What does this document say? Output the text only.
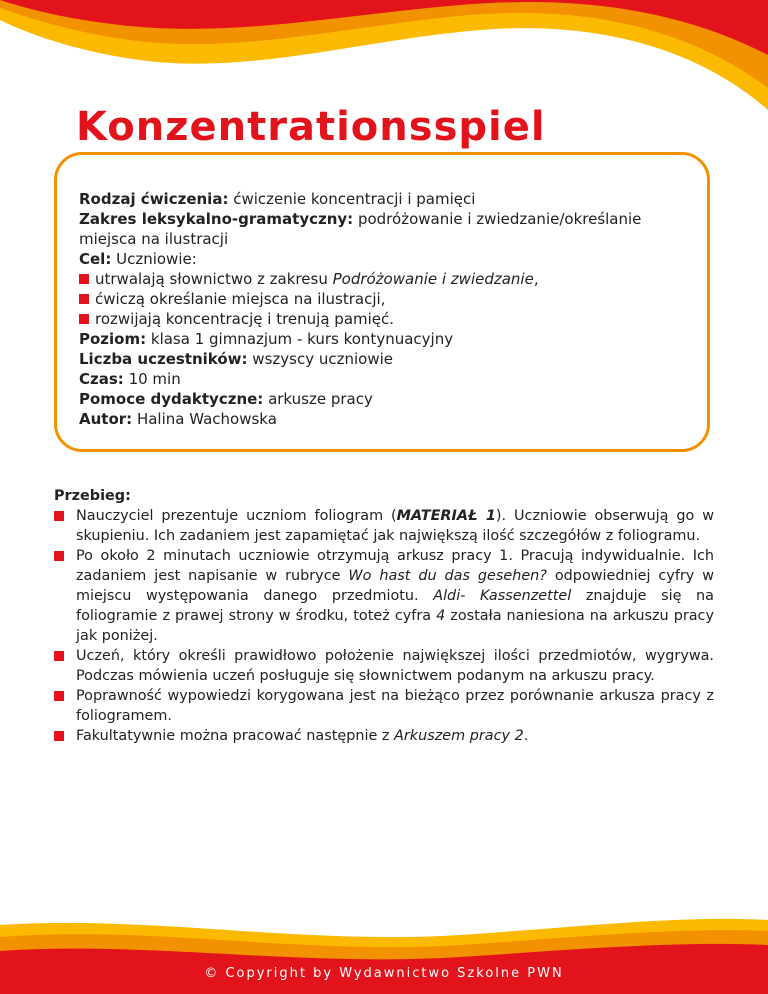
Konzentrationsspiel

Rodzaj ćwiczenia: ćwiczenie koncentracji i pamięci

Zakres leksykalno-gramatyczny: podróżowanie i zwiedzanie/określanie miejsca na ilustracji

Cel: Uczniowie:

utrwalają słownictwo z zakresu Podróżowanie i zwiedzanie,

ćwiczą określanie miejsca na ilustracji,

rozwijają koncentrację i trenują pamięć.

Poziom: klasa 1 gimnazjum - kurs kontynuacyjny

Liczba uczestników: wszyscy uczniowie

Czas: 10 min

Pomoce dydaktyczne: arkusze pracy

Autor: Halina Wachowska

Przebieg:

Nauczyciel prezentuje uczniom foliogram (MATERIAŁ 1). Uczniowie obserwują go w skupieniu. Ich zadaniem jest zapamiętać jak największą ilość szczegółów z foliogramu.
Po około 2 minutach uczniowie otrzymują arkusz pracy 1. Pracują indywidualnie. Ich zadaniem jest napisanie w rubryce Wo hast du das gesehen? odpowiedniej cyfry w miejscu występowania danego przedmiotu. Aldi- Kassenzettel znajduje się na foliogramie z prawej strony w środku, toteż cyfra 4 została naniesiona na arkuszu pracy jak poniżej.
Uczeń, który określi prawidłowo położenie największej ilości przedmiotów, wygrywa. Podczas mówienia uczeń posługuje się słownictwem podanym na arkuszu pracy.
Poprawność wypowiedzi korygowana jest na bieżąco przez porównanie arkusza pracy z foliogramem.
Fakultatywnie można pracować następnie z Arkuszem pracy 2.
© Copyright by Wydawnictwo Szkolne PWN
